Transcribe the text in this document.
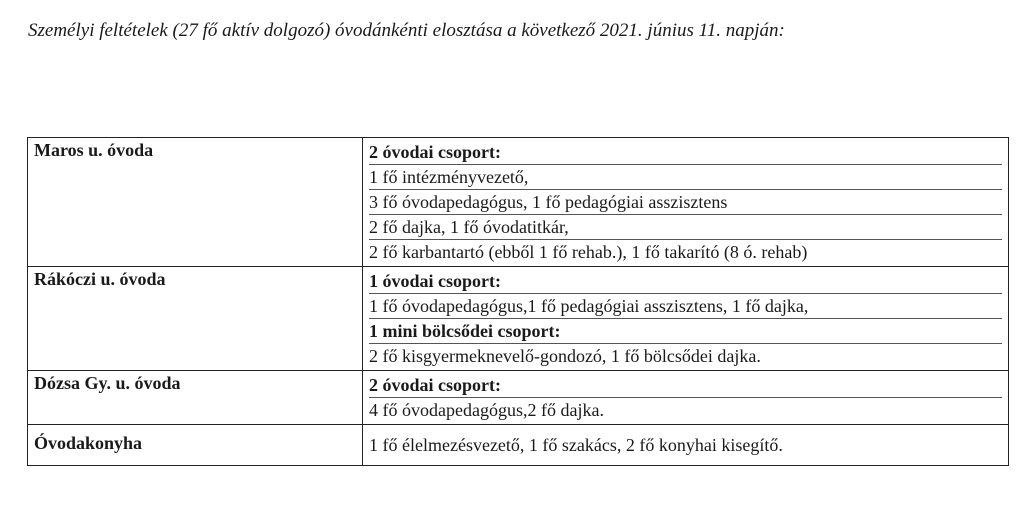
Személyi feltételek (27 fő aktív dolgozó) óvodánkénti elosztása a következő 2021. június 11. napján:

Maros u. óvoda	2 óvodai csoport:
1 fő intézményvezető,
3 fő óvodapedagógus, 1 fő pedagógiai asszisztens
2 fő dajka, 1 fő óvodatitkár,
2 fő karbantartó (ebből 1 fő rehab.), 1 fő takarító (8 ó. rehab)

Rákóczi u. óvoda	1 óvodai csoport:
1 fő óvodapedagógus,1 fő pedagógiai asszisztens, 1 fő dajka,
1 mini bölcsődei csoport:
2 fő kisgyermeknevelő-gondozó, 1 fő bölcsődei dajka.

Dózsa Gy. u. óvoda	2 óvodai csoport:
4 fő óvodapedagógus,2 fő dajka.

Óvodakonyha	1 fő élelmezésvezető, 1 fő szakács, 2 fő konyhai kisegítő.
